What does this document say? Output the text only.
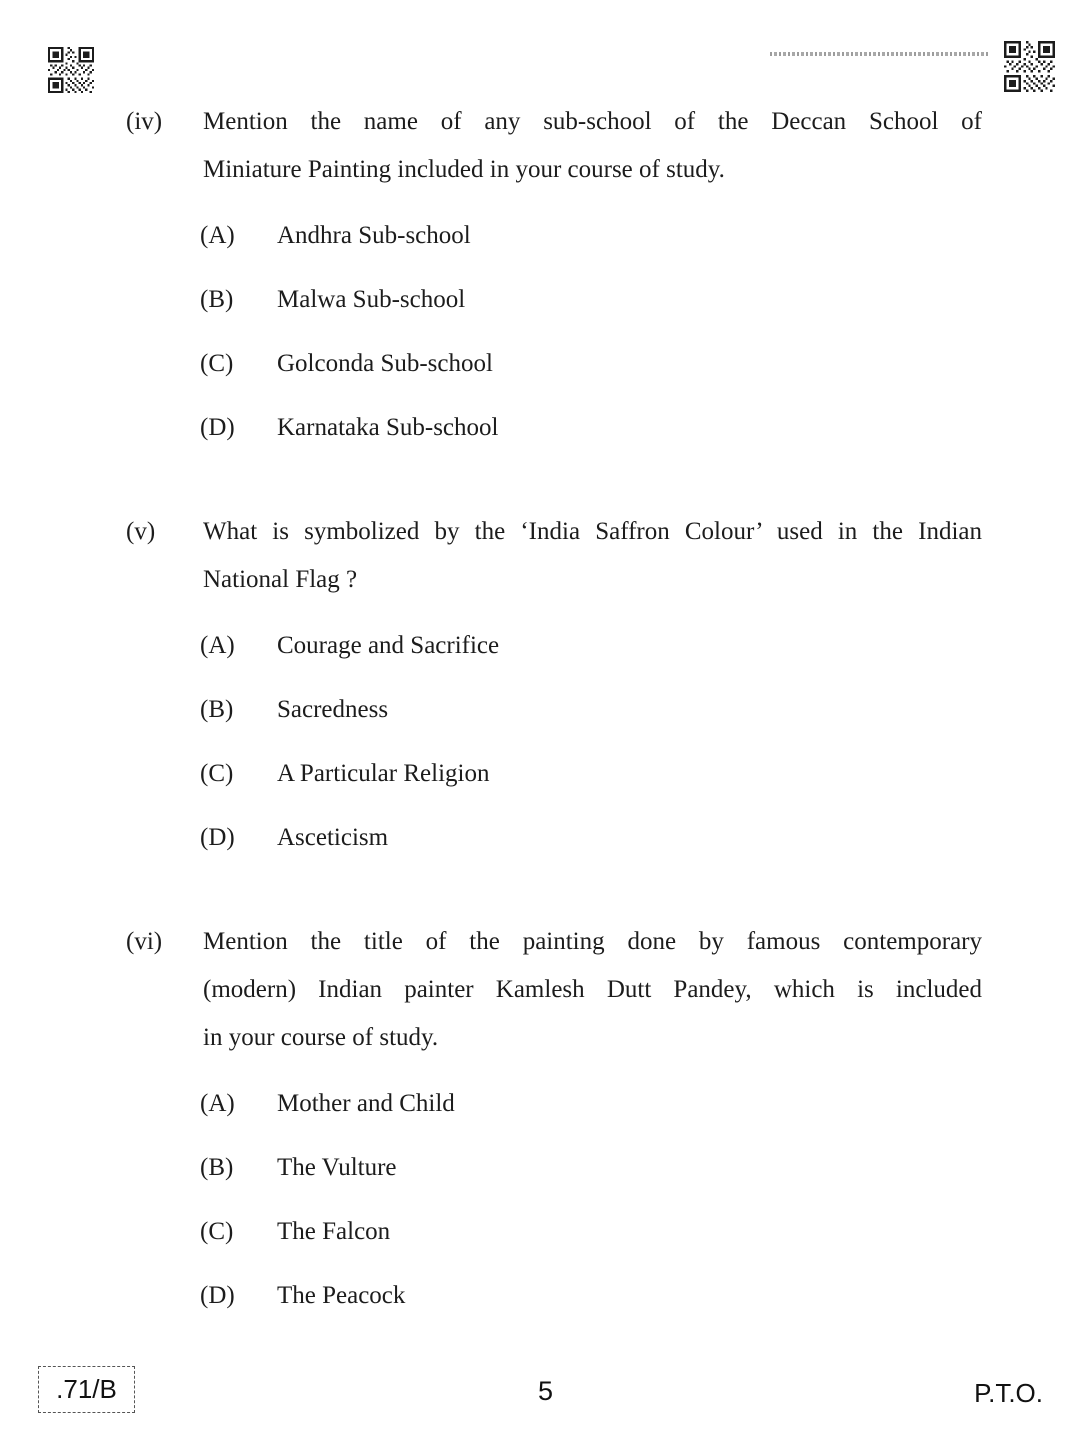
(iv)	Mention the name of any sub-school of the Deccan School of
Miniature Painting included in your course of study.
(A)	Andhra Sub-school
(B)	Malwa Sub-school
(C)	Golconda Sub-school
(D)	Karnataka Sub-school
(v)	What is symbolized by the ‘India Saffron Colour’ used in the Indian
National Flag ?
(A)	Courage and Sacrifice
(B)	Sacredness
(C)	A Particular Religion
(D)	Asceticism
(vi)	Mention the title of the painting done by famous contemporary
(modern) Indian painter Kamlesh Dutt Pandey, which is included
in your course of study.
(A)	Mother and Child
(B)	The Vulture
(C)	The Falcon
(D)	The Peacock
.71/B	5	P.T.O.
